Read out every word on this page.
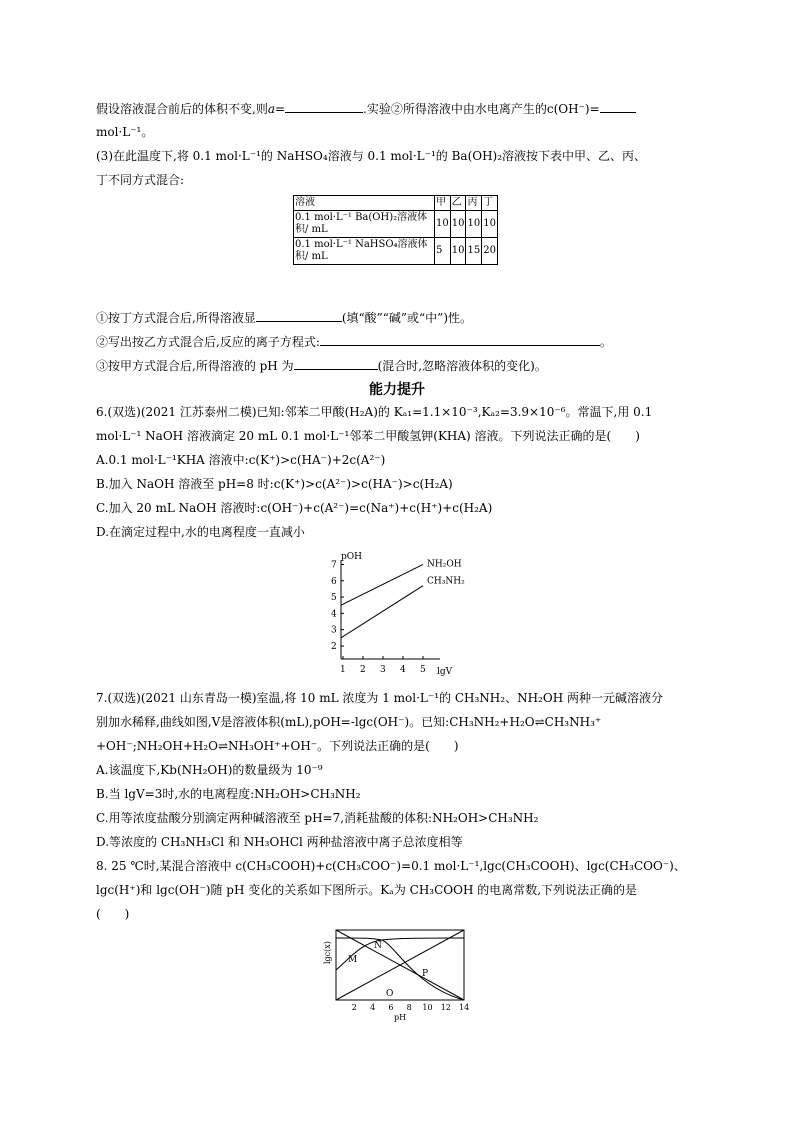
假设溶液混合前后的体积不变,则a=	.实验②所得溶液中由水电离产生的c(OH⁻)=
mol·L⁻¹。
(3)在此温度下,将 0.1 mol·L⁻¹的 NaHSO₄溶液与 0.1 mol·L⁻¹的 Ba(OH)₂溶液按下表中甲、乙、丙、
丁不同方式混合:
溶液	甲	乙	丙	丁
0.1 mol·L⁻¹ Ba(OH)₂溶液体
积/ mL	10	10	10	10
0.1 mol·L⁻¹ NaHSO₄溶液体
积/ mL	5	10	15	20
①按丁方式混合后,所得溶液显	(填“酸”“碱”或“中”)性。
②写出按乙方式混合后,反应的离子方程式:	。
③按甲方式混合后,所得溶液的 pH 为	(混合时,忽略溶液体积的变化)。
能力提升
6.(双选)(2021 江苏泰州二模)已知:邻苯二甲酸(H₂A)的 Kₐ₁=1.1×10⁻³,Kₐ₂=3.9×10⁻⁶。常温下,用 0.1
mol·L⁻¹ NaOH 溶液滴定 20 mL 0.1 mol·L⁻¹邻苯二甲酸氢钾(KHA) 溶液。下列说法正确的是(　　)
A.0.1 mol·L⁻¹KHA 溶液中:c(K⁺)>c(HA⁻)+2c(A²⁻)
B.加入 NaOH 溶液至 pH=8 时:c(K⁺)>c(A²⁻)>c(HA⁻)>c(H₂A)
C.加入 20 mL NaOH 溶液时:c(OH⁻)+c(A²⁻)=c(Na⁺)+c(H⁺)+c(H₂A)
D.在滴定过程中,水的电离程度一直减小
pOH
lgV
2
3
4
5
6
7
1 2 3 4 5
NH₂OH
CH₃NH₂
7.(双选)(2021 山东青岛一模)室温,将 10 mL 浓度为 1 mol·L⁻¹的 CH₃NH₂、NH₂OH 两种一元碱溶液分
别加水稀释,曲线如图,V是溶液体积(mL),pOH=-lgc(OH⁻)。已知:CH₃NH₂+H₂O⇌CH₃NH₃⁺
+OH⁻;NH₂OH+H₂O⇌NH₃OH⁺+OH⁻。下列说法正确的是(　　)
A.该温度下,Kb(NH₂OH)的数量级为 10⁻⁹
B.当 lgV=3时,水的电离程度:NH₂OH>CH₃NH₂
C.用等浓度盐酸分别滴定两种碱溶液至 pH=7,消耗盐酸的体积:NH₂OH>CH₃NH₂
D.等浓度的 CH₃NH₃Cl 和 NH₃OHCl 两种盐溶液中离子总浓度相等
8. 25 ℃时,某混合溶液中 c(CH₃COOH)+c(CH₃COO⁻)=0.1 mol·L⁻¹,lgc(CH₃COOH)、lgc(CH₃COO⁻)、
lgc(H⁺)和 lgc(OH⁻)随 pH 变化的关系如下图所示。Kₐ为 CH₃COOH 的电离常数,下列说法正确的是
(　　)
lgc(x)
pH
2 4 6 8 10 12 14
M
N
O
P
